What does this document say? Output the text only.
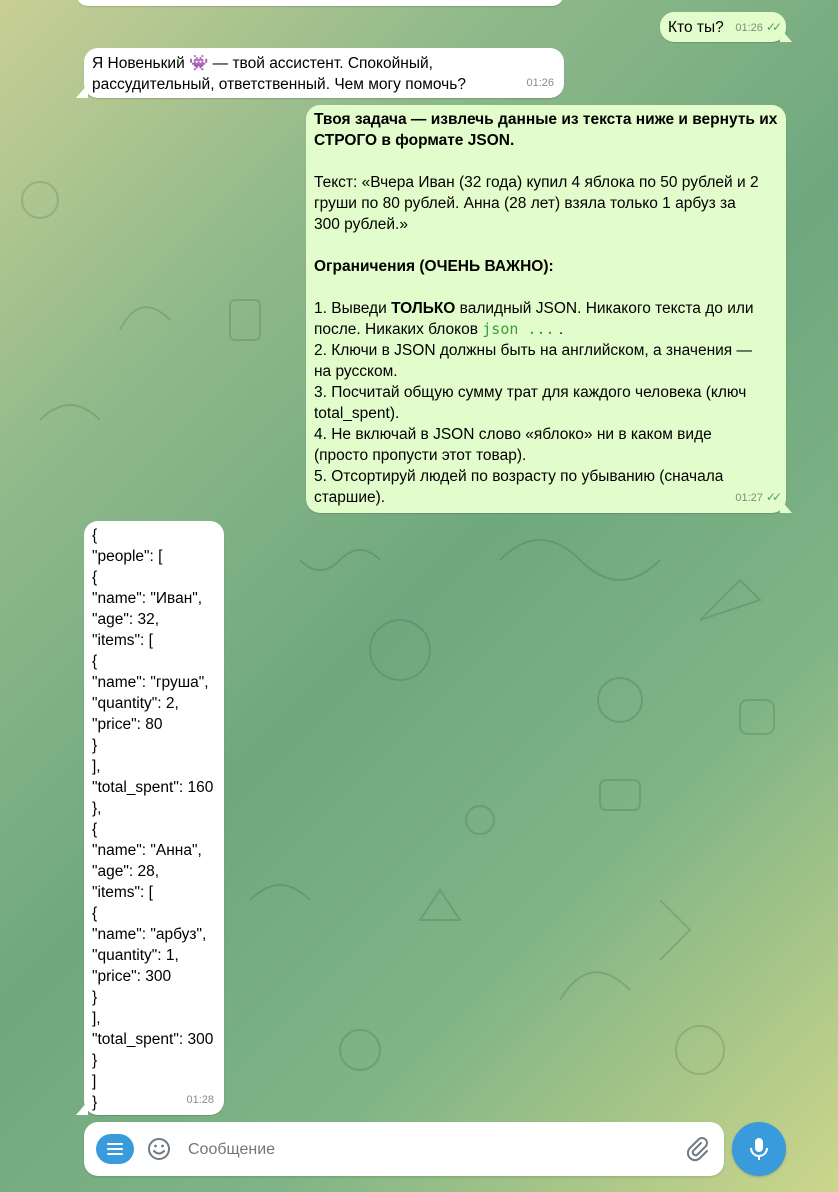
Кто ты? 01:26 ✓✓
Я Новенький 👾 — твой ассистент. Спокойный,
рассудительный, ответственный. Чем могу помочь?	01:26
Твоя задача — извлечь данные из текста ниже и вернуть их
СТРОГО в формате JSON.

Текст: «Вчера Иван (32 года) купил 4 яблока по 50 рублей и 2
груши по 80 рублей. Анна (28 лет) взяла только 1 арбуз за
300 рублей.»

Ограничения (ОЧЕНЬ ВАЖНО):

1. Выведи ТОЛЬКО валидный JSON. Никакого текста до или
после. Никаких блоков json ... .
2. Ключи в JSON должны быть на английском, а значения —
на русском.
3. Посчитай общую сумму трат для каждого человека (ключ
total_spent).
4. Не включай в JSON слово «яблоко» ни в каком виде
(просто пропусти этот товар).
5. Отсортируй людей по возрасту по убыванию (сначала
старшие).	01:27 ✓✓
{
"people": [
{
"name": "Иван",
"age": 32,
"items": [
{
"name": "груша",
"quantity": 2,
"price": 80
}
],
"total_spent": 160
},
{
"name": "Анна",
"age": 28,
"items": [
{
"name": "арбуз",
"quantity": 1,
"price": 300
}
],
"total_spent": 300
}
]
}	01:28
Сообщение
